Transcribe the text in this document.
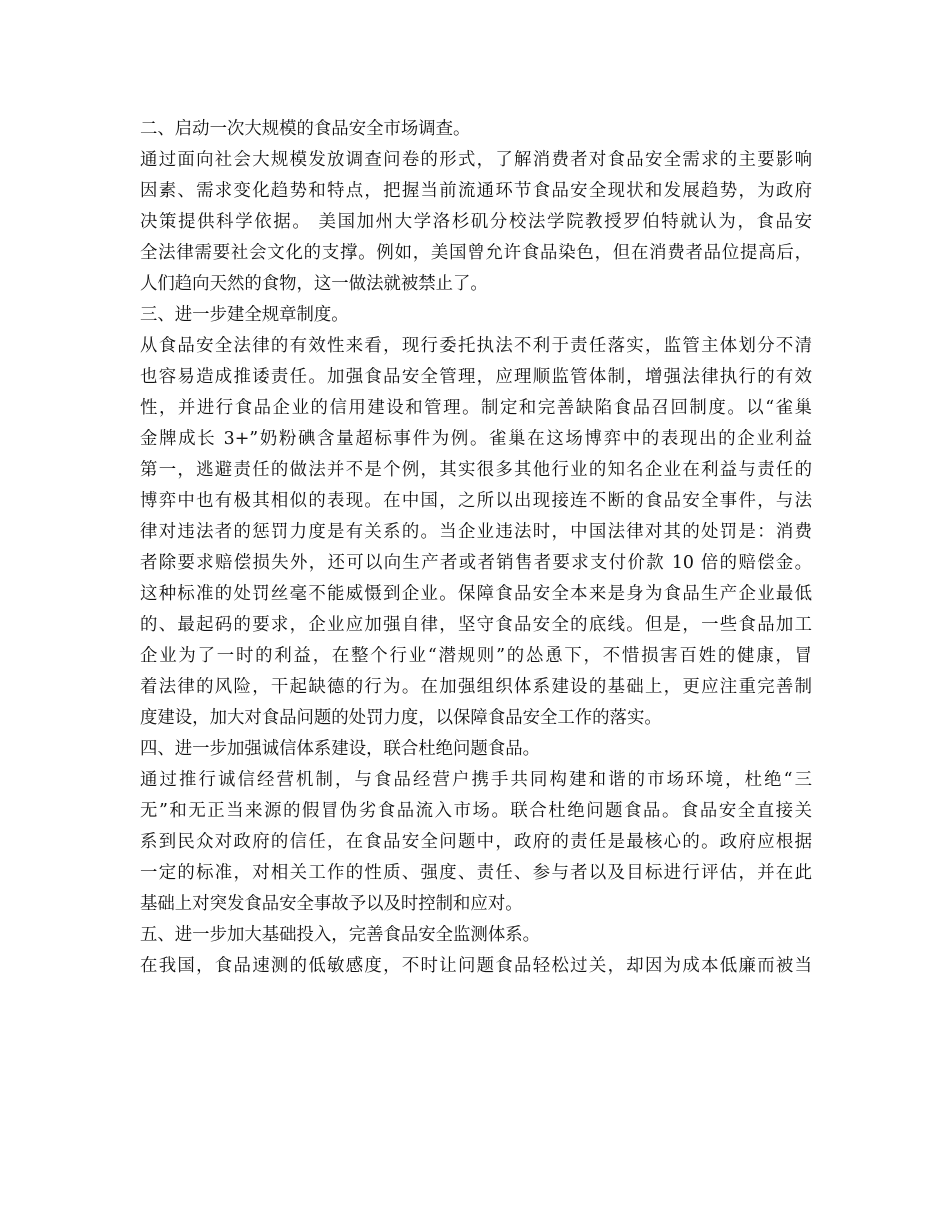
二、启动一次大规模的食品安全市场调查。
通过面向社会大规模发放调查问卷的形式，了解消费者对食品安全需求的主要影响
因素、需求变化趋势和特点，把握当前流通环节食品安全现状和发展趋势，为政府
决策提供科学依据。 美国加州大学洛杉矶分校法学院教授罗伯特就认为，食品安
全法律需要社会文化的支撑。例如，美国曾允许食品染色，但在消费者品位提高后，
人们趋向天然的食物，这一做法就被禁止了。
三、进一步建全规章制度。
从食品安全法律的有效性来看，现行委托执法不利于责任落实，监管主体划分不清
也容易造成推诿责任。加强食品安全管理，应理顺监管体制，增强法律执行的有效
性，并进行食品企业的信用建设和管理。制定和完善缺陷食品召回制度。以“雀巢
金牌成长 3+”奶粉碘含量超标事件为例。雀巢在这场博弈中的表现出的企业利益
第一，逃避责任的做法并不是个例，其实很多其他行业的知名企业在利益与责任的
博弈中也有极其相似的表现。在中国，之所以出现接连不断的食品安全事件，与法
律对违法者的惩罚力度是有关系的。当企业违法时，中国法律对其的处罚是：消费
者除要求赔偿损失外，还可以向生产者或者销售者要求支付价款 10 倍的赔偿金。
这种标准的处罚丝毫不能威慑到企业。保障食品安全本来是身为食品生产企业最低
的、最起码的要求，企业应加强自律，坚守食品安全的底线。但是，一些食品加工
企业为了一时的利益，在整个行业“潜规则”的怂恿下，不惜损害百姓的健康，冒
着法律的风险，干起缺德的行为。在加强组织体系建设的基础上，更应注重完善制
度建设，加大对食品问题的处罚力度，以保障食品安全工作的落实。
四、进一步加强诚信体系建设，联合杜绝问题食品。
通过推行诚信经营机制，与食品经营户携手共同构建和谐的市场环境，杜绝“三
无”和无正当来源的假冒伪劣食品流入市场。联合杜绝问题食品。食品安全直接关
系到民众对政府的信任，在食品安全问题中，政府的责任是最核心的。政府应根据
一定的标准，对相关工作的性质、强度、责任、参与者以及目标进行评估，并在此
基础上对突发食品安全事故予以及时控制和应对。
五、进一步加大基础投入，完善食品安全监测体系。
在我国，食品速测的低敏感度，不时让问题食品轻松过关，却因为成本低廉而被当
